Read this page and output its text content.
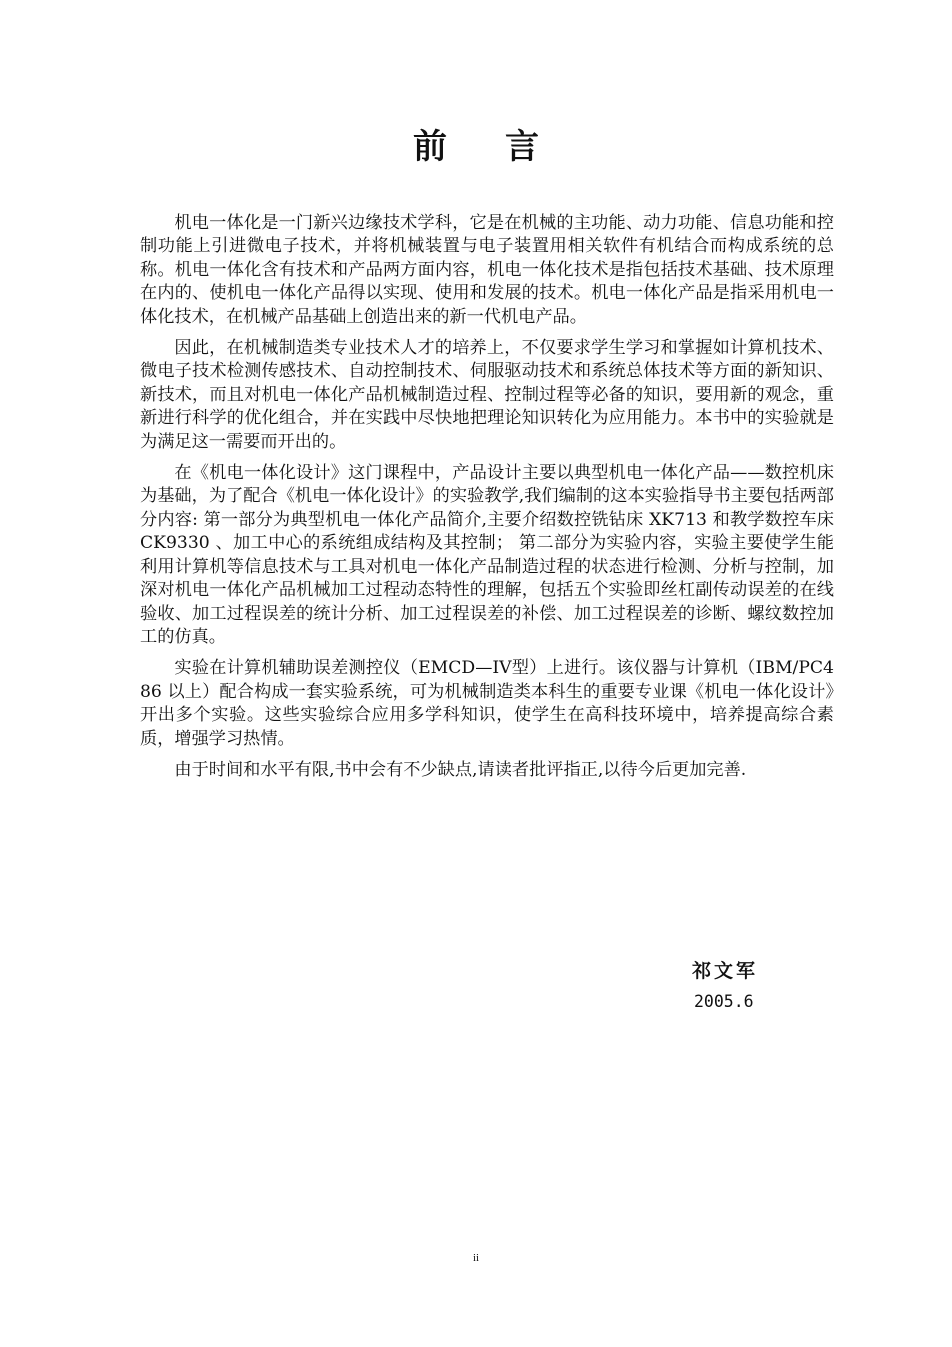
前言

机电一体化是一门新兴边缘技术学科，它是在机械的主功能、动力功能、信息功能和控制功能上引进微电子技术，并将机械装置与电子装置用相关软件有机结合而构成系统的总称。机电一体化含有技术和产品两方面内容，机电一体化技术是指包括技术基础、技术原理在内的、使机电一体化产品得以实现、使用和发展的技术。机电一体化产品是指采用机电一体化技术，在机械产品基础上创造出来的新一代机电产品。

因此，在机械制造类专业技术人才的培养上，不仅要求学生学习和掌握如计算机技术、微电子技术检测传感技术、自动控制技术、伺服驱动技术和系统总体技术等方面的新知识、新技术，而且对机电一体化产品机械制造过程、控制过程等必备的知识，要用新的观念，重新进行科学的优化组合，并在实践中尽快地把理论知识转化为应用能力。本书中的实验就是为满足这一需要而开出的。

在《机电一体化设计》这门课程中，产品设计主要以典型机电一体化产品——数控机床为基础，为了配合《机电一体化设计》的实验教学,我们编制的这本实验指导书主要包括两部分内容: 第一部分为典型机电一体化产品简介,主要介绍数控铣钻床 XK713 和教学数控车床 CK9330 、加工中心的系统组成结构及其控制； 第二部分为实验内容，实验主要使学生能利用计算机等信息技术与工具对机电一体化产品制造过程的状态进行检测、分析与控制，加深对机电一体化产品机械加工过程动态特性的理解，包括五个实验即丝杠副传动误差的在线验收、加工过程误差的统计分析、加工过程误差的补偿、加工过程误差的诊断、螺纹数控加工的仿真。

实验在计算机辅助误差测控仪（EMCD—IV型）上进行。该仪器与计算机（IBM/PC486 以上）配合构成一套实验系统，可为机械制造类本科生的重要专业课《机电一体化设计》开出多个实验。这些实验综合应用多学科知识，使学生在高科技环境中，培养提高综合素质，增强学习热情。

由于时间和水平有限,书中会有不少缺点,请读者批评指正,以待今后更加完善.

祁文军
2005.6
ii
